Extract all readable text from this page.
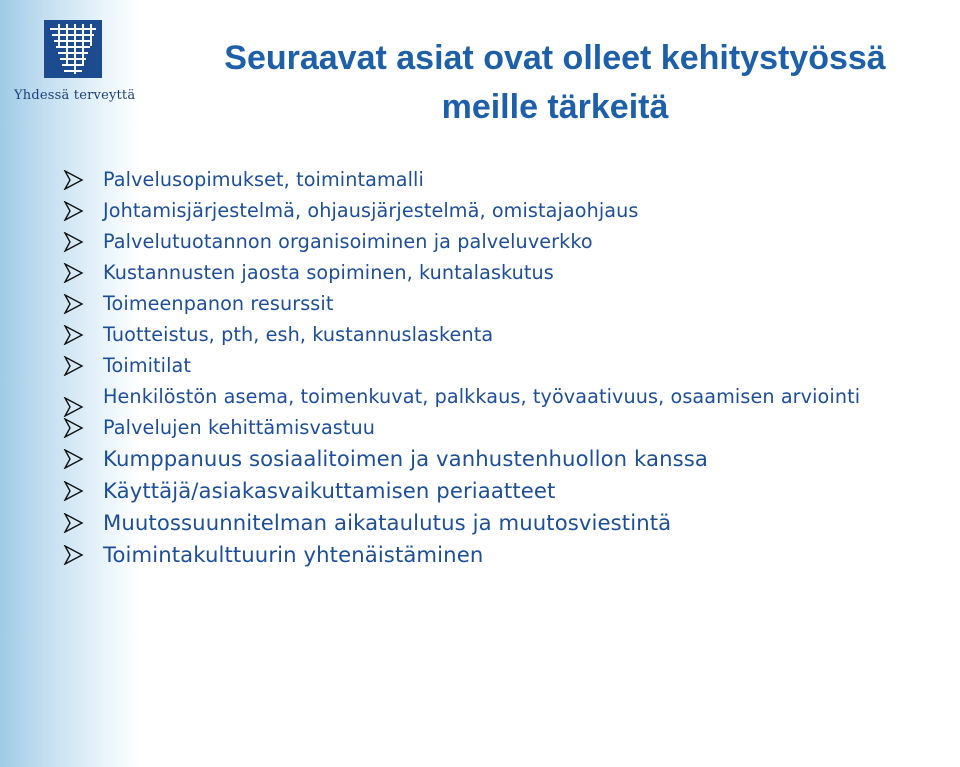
Yhdessä terveyttä
Seuraavat asiat ovat olleet kehitystyössä
meille tärkeitä
Palvelusopimukset, toimintamalli
Johtamisjärjestelmä, ohjausjärjestelmä, omistajaohjaus
Palvelutuotannon organisoiminen ja palveluverkko
Kustannusten jaosta sopiminen, kuntalaskutus
Toimeenpanon resurssit
Tuotteistus, pth, esh, kustannuslaskenta
Toimitilat
Henkilöstön asema, toimenkuvat, palkkaus, työvaativuus, osaamisen arviointi
Palvelujen kehittämisvastuu
Kumppanuus sosiaalitoimen ja vanhustenhuollon kanssa
Käyttäjä/asiakasvaikuttamisen periaatteet
Muutossuunnitelman aikataulutus ja muutosviestintä
Toimintakulttuurin yhtenäistäminen
